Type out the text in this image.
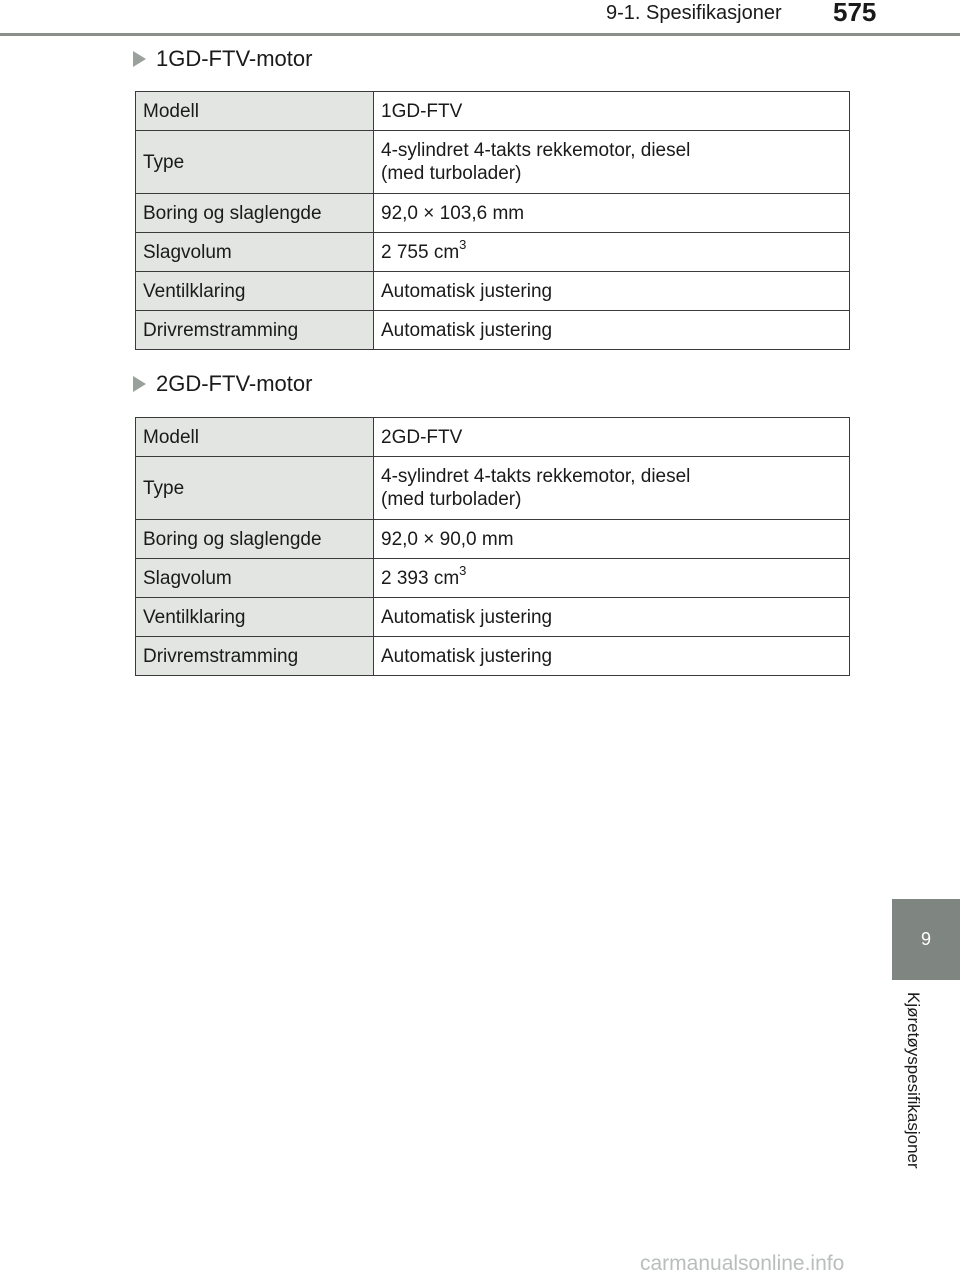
9-1. Spesifikasjoner 575
1GD-FTV-motor
Modell	1GD-FTV
Type	4-sylindret 4-takts rekkemotor, diesel
(med turbolader)
Boring og slaglengde	92,0 × 103,6 mm
Slagvolum	2 755 $cm^3$
Ventilklaring	Automatisk justering
Drivremstramming	Automatisk justering
2GD-FTV-motor
Modell	2GD-FTV
Type	4-sylindret 4-takts rekkemotor, diesel
(med turbolader)
Boring og slaglengde	92,0 × 90,0 mm
Slagvolum	2 393 $cm^3$
Ventilklaring	Automatisk justering
Drivremstramming	Automatisk justering
9
Kjøretøyspesifikasjoner
carmanualsonline.info
